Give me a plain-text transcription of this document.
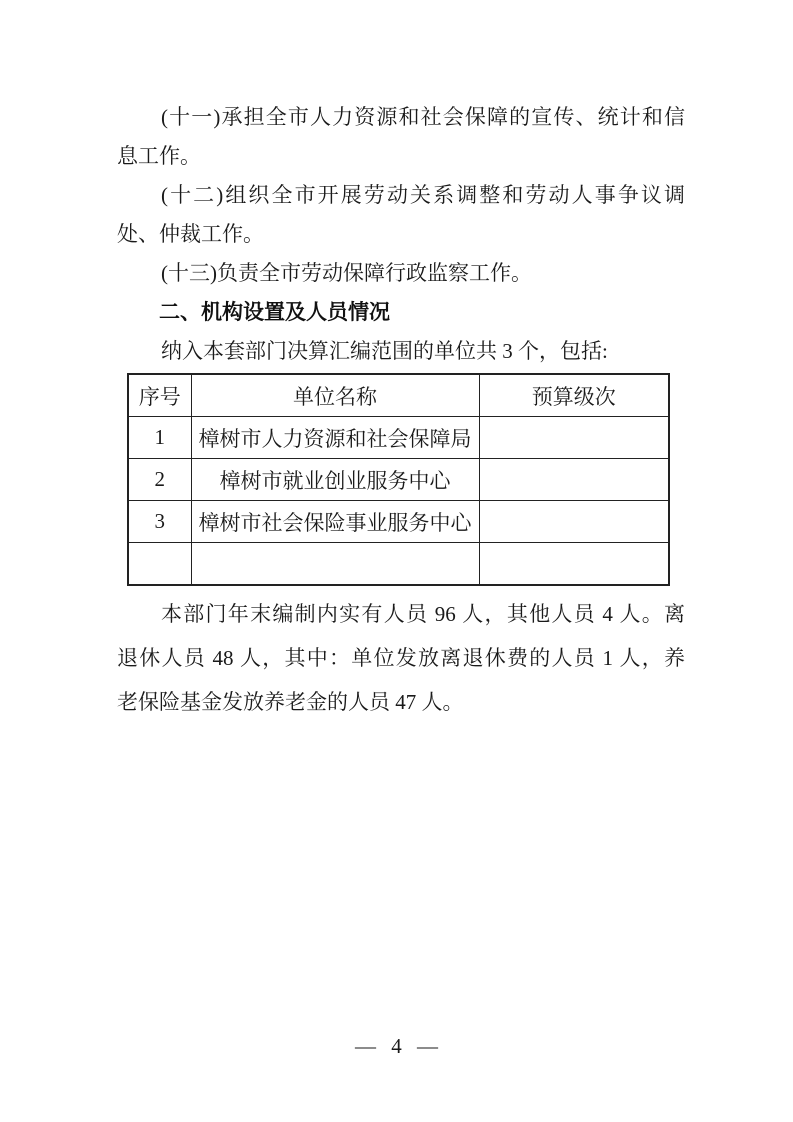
(十一)承担全市人力资源和社会保障的宣传、统计和信
息工作。
(十二)组织全市开展劳动关系调整和劳动人事争议调
处、仲裁工作。
(十三)负责全市劳动保障行政监察工作。
二、机构设置及人员情况
纳入本套部门决算汇编范围的单位共 3 个，包括:
序号	单位名称	预算级次
1	樟树市人力资源和社会保障局	
2	樟树市就业创业服务中心	
3	樟树市社会保险事业服务中心	

本部门年末编制内实有人员 96 人，其他人员 4 人。离
退休人员 48 人，其中：单位发放离退休费的人员 1 人，养
老保险基金发放养老金的人员 47 人。
— 4 —
